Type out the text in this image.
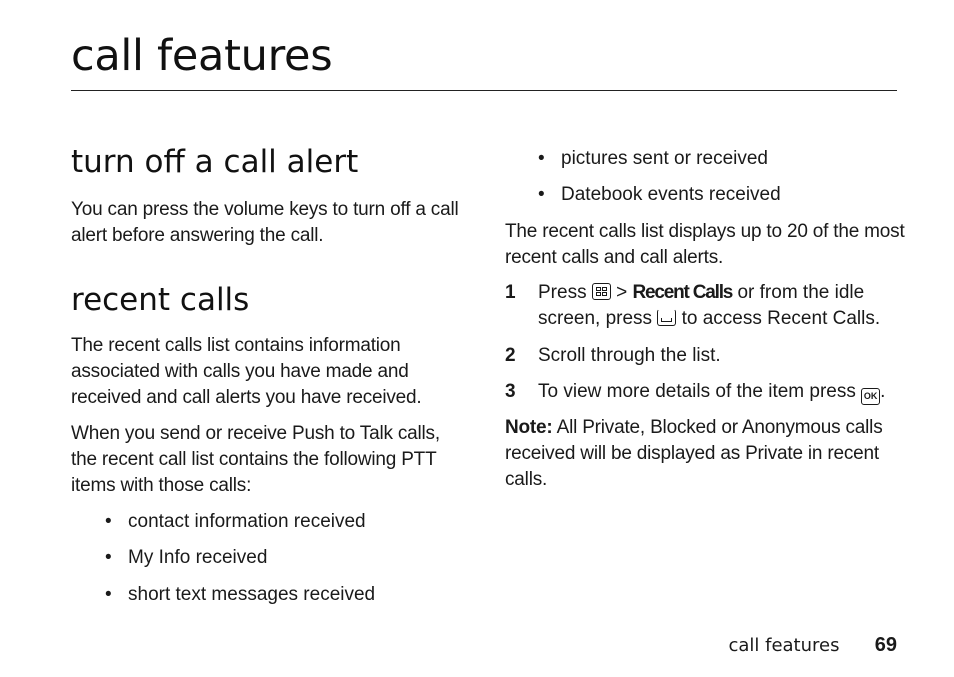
call features
turn off a call alert

You can press the volume keys to turn off a call alert before answering the call.

recent calls

The recent calls list contains information associated with calls you have made and received and call alerts you have received.

When you send or receive Push to Talk calls, the recent call list contains the following PTT items with those calls:

• contact information received
• My Info received
• short text messages received
• pictures sent or received
• Datebook events received

The recent calls list displays up to 20 of the most recent calls and call alerts.

1 Press > Recent Calls or from the idle screen, press to access Recent Calls.
2 Scroll through the list.
3 To view more details of the item press OK .

Note: All Private, Blocked or Anonymous calls received will be displayed as Private in recent calls.

call features 69
